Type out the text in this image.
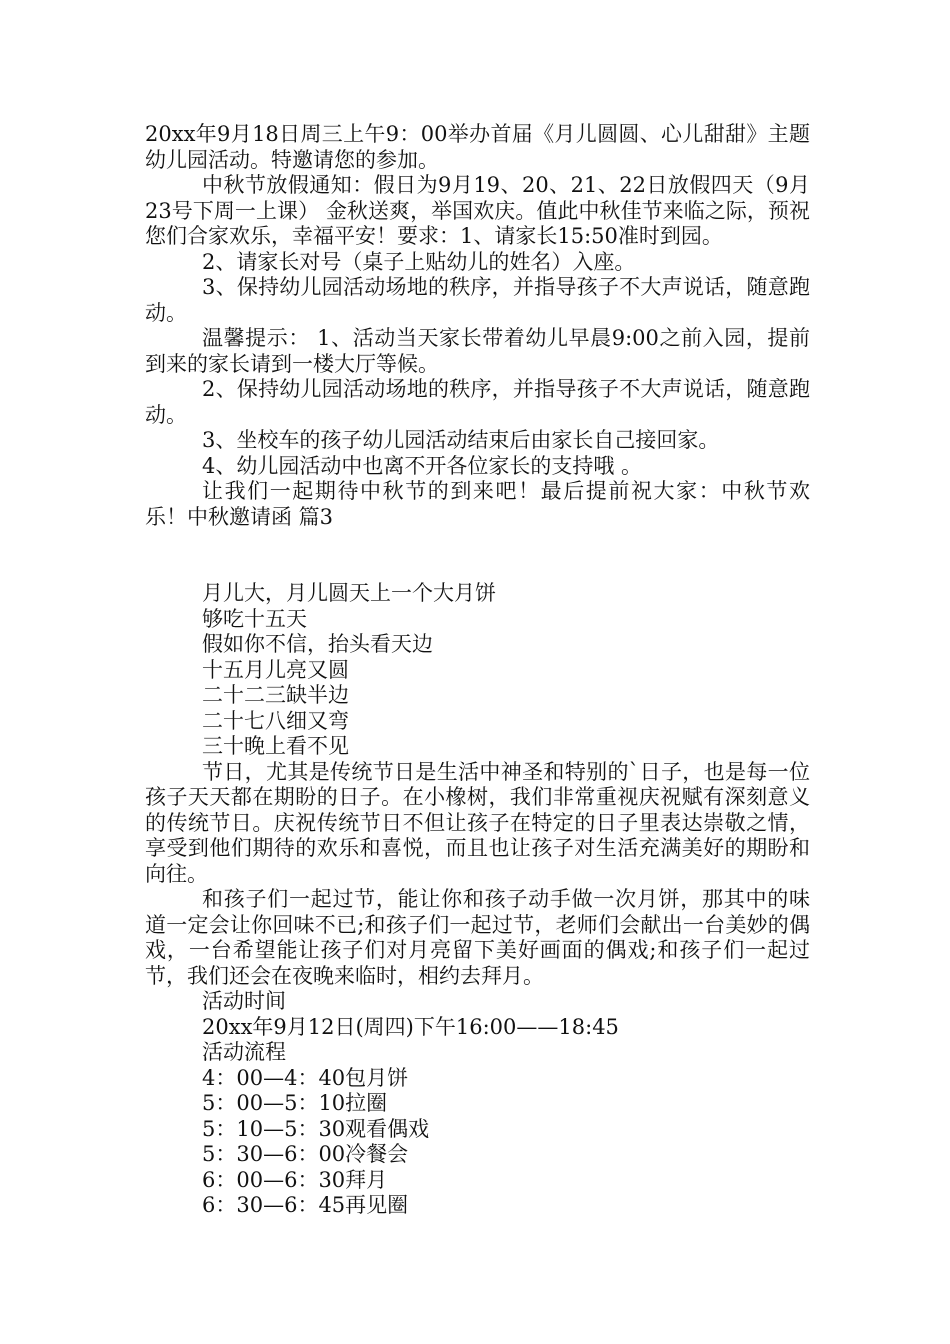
20xx年9月18日周三上午9：00举办首届《月儿圆圆、心儿甜甜》主题幼儿园活动。特邀请您的参加。

中秋节放假通知：假日为9月19、20、21、22日放假四天（9月23号下周一上课） 金秋送爽，举国欢庆。值此中秋佳节来临之际，预祝您们合家欢乐，幸福平安！要求：1、请家长15:50准时到园。

2、请家长对号（桌子上贴幼儿的姓名）入座。

3、保持幼儿园活动场地的秩序，并指导孩子不大声说话，随意跑动。

温馨提示： 1、活动当天家长带着幼儿早晨9:00之前入园，提前到来的家长请到一楼大厅等候。

2、保持幼儿园活动场地的秩序，并指导孩子不大声说话，随意跑动。

3、坐校车的孩子幼儿园活动结束后由家长自己接回家。

4、幼儿园活动中也离不开各位家长的支持哦 。

让我们一起期待中秋节的到来吧！最后提前祝大家：中秋节欢乐！中秋邀请函 篇3

月儿大，月儿圆天上一个大月饼

够吃十五天

假如你不信，抬头看天边

十五月儿亮又圆

二十二三缺半边

二十七八细又弯

三十晚上看不见

节日，尤其是传统节日是生活中神圣和特别的`日子，也是每一位孩子天天都在期盼的日子。在小橡树，我们非常重视庆祝赋有深刻意义的传统节日。庆祝传统节日不但让孩子在特定的日子里表达崇敬之情，享受到他们期待的欢乐和喜悦，而且也让孩子对生活充满美好的期盼和向往。

和孩子们一起过节，能让你和孩子动手做一次月饼，那其中的味道一定会让你回味不已;和孩子们一起过节，老师们会献出一台美妙的偶戏，一台希望能让孩子们对月亮留下美好画面的偶戏;和孩子们一起过节，我们还会在夜晚来临时，相约去拜月。

活动时间

20xx年9月12日(周四)下午16:00——18:45

活动流程

4：00—4：40包月饼

5：00—5：10拉圈

5：10—5：30观看偶戏

5：30—6：00冷餐会

6：00—6：30拜月

6：30—6：45再见圈
